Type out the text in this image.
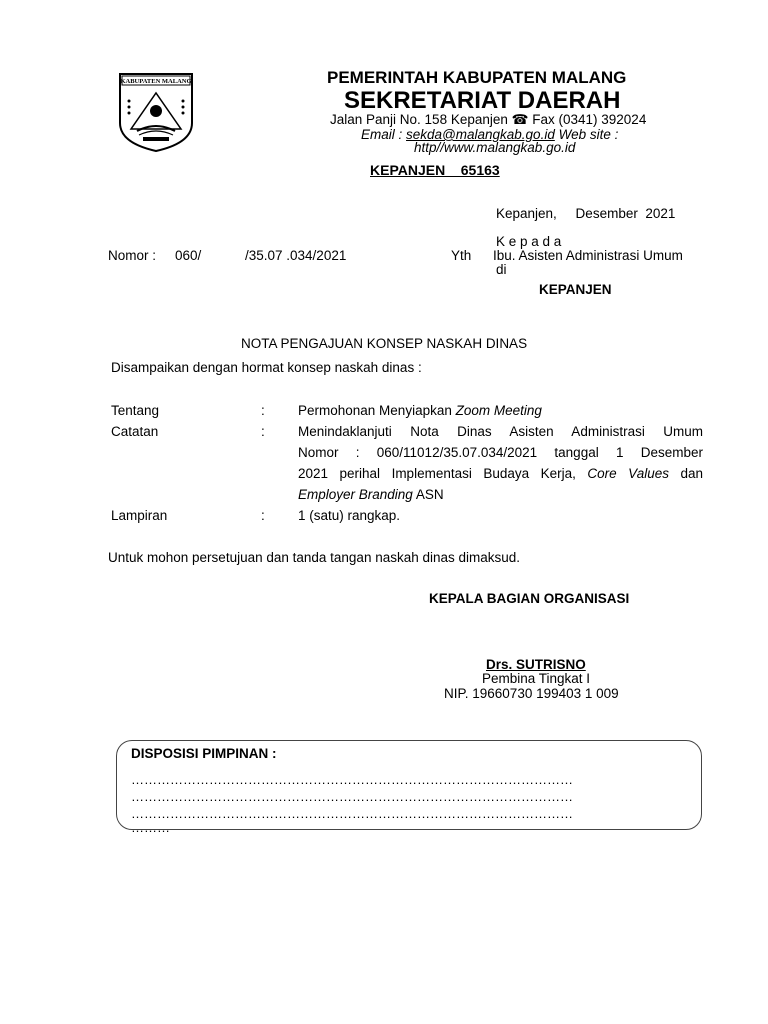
KABUPATEN MALANG	PEMERINTAH KABUPATEN MALANG
SEKRETARIAT DAERAH
Jalan Panji No. 158 Kepanjen ☎ Fax (0341) 392024
Email : sekda@malangkab.go.id Web site :
http//www.malangkab.go.id
KEPANJEN    65163
Kepanjen,     Desember  2021
K e p a d a
Nomor : 060/	/35.07 .034/2021	Yth Ibu. Asisten Administrasi Umum
di
KEPANJEN
NOTA PENGAJUAN KONSEP NASKAH DINAS
Disampaikan dengan hormat konsep naskah dinas :
Tentang	: Permohonan Menyiapkan Zoom Meeting
Catatan	: Menindaklanjuti Nota Dinas Asisten Administrasi Umum
Nomor : 060/11012/35.07.034/2021 tanggal 1 Desember
2021 perihal Implementasi Budaya Kerja, Core Values dan
Employer Branding ASN
Lampiran	: 1 (satu) rangkap.
Untuk mohon persetujuan dan tanda tangan naskah dinas dimaksud.
KEPALA BAGIAN ORGANISASI
Drs. SUTRISNO
Pembina Tingkat I
NIP. 19660730 199403 1 009
DISPOSISI PIMPINAN :
…………………………………………………………………………………………
…………………………………………………………………………………………
…………………………………………………………………………………………
………
